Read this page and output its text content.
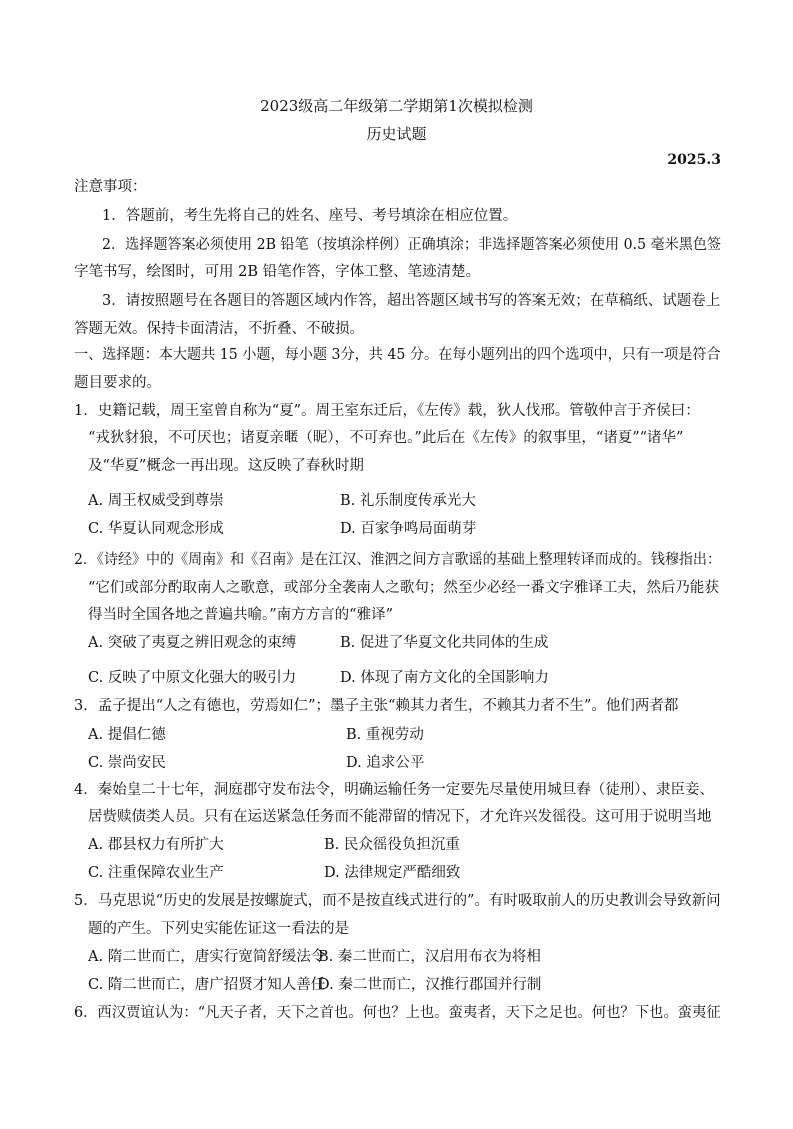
2023级高二年级第二学期第1次模拟检测
历史试题
2025.3
注意事项：
1．答题前，考生先将自己的姓名、座号、考号填涂在相应位置。
2．选择题答案必须使用 2B 铅笔（按填涂样例）正确填涂；非选择题答案必须使用 0.5 毫米黑色签
字笔书写，绘图时，可用 2B 铅笔作答，字体工整、笔迹清楚。
3．请按照题号在各题目的答题区域内作答，超出答题区域书写的答案无效；在草稿纸、试题卷上
答题无效。保持卡面清洁，不折叠、不破损。
一、选择题：本大题共 15 小题，每小题 3分，共 45 分。在每小题列出的四个选项中，只有一项是符合
题目要求的。
1．史籍记载，周王室曾自称为“夏”。周王室东迁后，《左传》载，狄人伐邢。管敬仲言于齐侯曰：
“戎狄豺狼，不可厌也；诸夏亲暱（昵），不可弃也。”此后在《左传》的叙事里，“诸夏”“诸华”
及“华夏”概念一再出现。这反映了春秋时期
A. 周王权威受到尊崇	B. 礼乐制度传承光大
C. 华夏认同观念形成	D. 百家争鸣局面萌芽
2．《诗经》中的《周南》和《召南》是在江汉、淮泗之间方言歌谣的基础上整理转译而成的。钱穆指出：
“它们或部分酌取南人之歌意，或部分全袭南人之歌句；然至少必经一番文字雅译工夫，然后乃能获
得当时全国各地之普遍共喻。”南方方言的“雅译”
A. 突破了夷夏之辨旧观念的束缚	B. 促进了华夏文化共同体的生成
C. 反映了中原文化强大的吸引力	D. 体现了南方文化的全国影响力
3．孟子提出“人之有德也，劳焉如仁”；墨子主张“赖其力者生，不赖其力者不生”。他们两者都
A. 提倡仁德	B. 重视劳动
C. 崇尚安民	D. 追求公平
4．秦始皇二十七年，洞庭郡守发布法令，明确运输任务一定要先尽量使用城旦舂（徒刑）、隶臣妾、
居赀赎债类人员。只有在运送紧急任务而不能滞留的情况下，才允许兴发徭役。这可用于说明当地
A. 郡县权力有所扩大	B. 民众徭役负担沉重
C. 注重保障农业生产	D. 法律规定严酷细致
5．马克思说“历史的发展是按螺旋式，而不是按直线式进行的”。有时吸取前人的历史教训会导致新问
题的产生。下列史实能佐证这一看法的是
A. 隋二世而亡，唐实行宽简舒缓法令
B. 秦二世而亡，汉启用布衣为将相
C. 隋二世而亡，唐广招贤才知人善任
D. 秦二世而亡，汉推行郡国并行制
6．西汉贾谊认为：“凡天子者，天下之首也。何也？上也。蛮夷者，天下之足也。何也？下也。蛮夷征
